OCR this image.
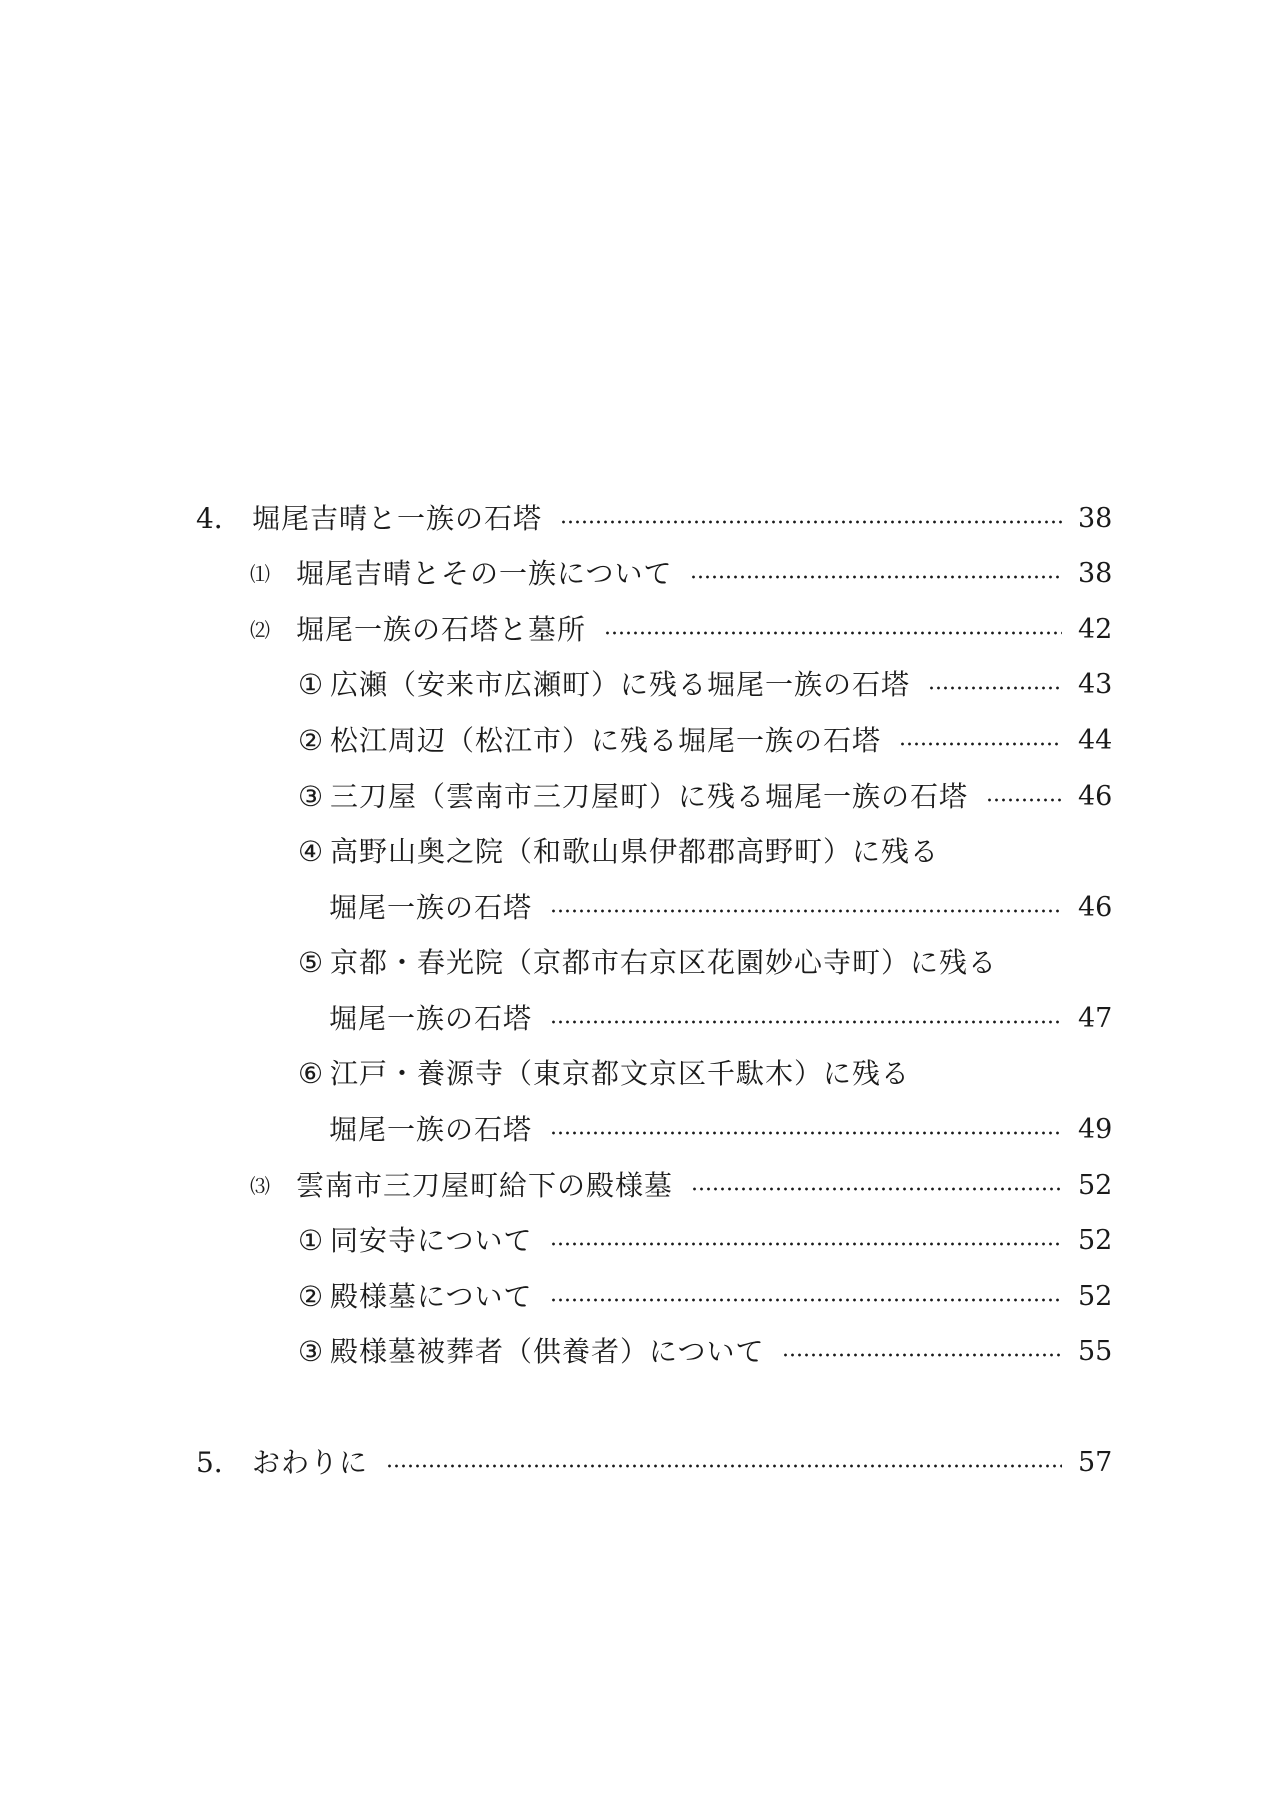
4． 堀尾吉晴と一族の石塔	38
⑴ 堀尾吉晴とその一族について	38
⑵ 堀尾一族の石塔と墓所	42
① 広瀬（安来市広瀬町）に残る堀尾一族の石塔	43
② 松江周辺（松江市）に残る堀尾一族の石塔	44
③ 三刀屋（雲南市三刀屋町）に残る堀尾一族の石塔	46
④ 高野山奥之院（和歌山県伊都郡高野町）に残る
堀尾一族の石塔	46
⑤ 京都・春光院（京都市右京区花園妙心寺町）に残る
堀尾一族の石塔	47
⑥ 江戸・養源寺（東京都文京区千駄木）に残る
堀尾一族の石塔	49
⑶ 雲南市三刀屋町給下の殿様墓	52
① 同安寺について	52
② 殿様墓について	52
③ 殿様墓被葬者（供養者）について	55
5． おわりに	57
